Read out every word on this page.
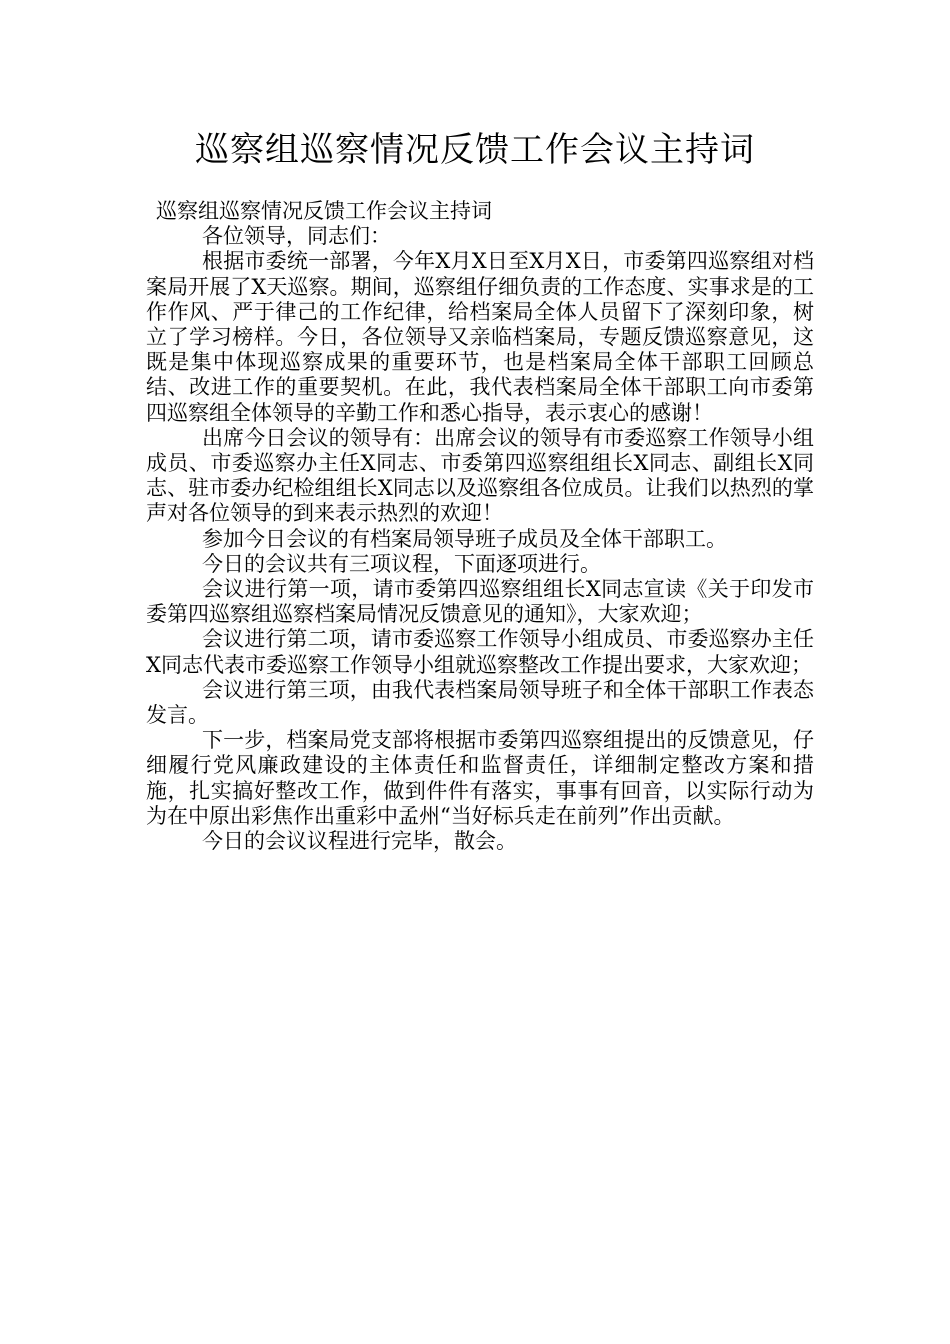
巡察组巡察情况反馈工作会议主持词

巡察组巡察情况反馈工作会议主持词

各位领导，同志们：

根据市委统一部署，今年X月X日至X月X日，市委第四巡察组对档案局开展了X天巡察。期间，巡察组仔细负责的工作态度、实事求是的工作作风、严于律己的工作纪律，给档案局全体人员留下了深刻印象，树立了学习榜样。今日，各位领导又亲临档案局，专题反馈巡察意见，这既是集中体现巡察成果的重要环节，也是档案局全体干部职工回顾总结、改进工作的重要契机。在此，我代表档案局全体干部职工向市委第四巡察组全体领导的辛勤工作和悉心指导，表示衷心的感谢！

出席今日会议的领导有：出席会议的领导有市委巡察工作领导小组成员、市委巡察办主任X同志、市委第四巡察组组长X同志、副组长X同志、驻市委办纪检组组长X同志以及巡察组各位成员。让我们以热烈的掌声对各位领导的到来表示热烈的欢迎！

参加今日会议的有档案局领导班子成员及全体干部职工。

今日的会议共有三项议程，下面逐项进行。

会议进行第一项，请市委第四巡察组组长X同志宣读《关于印发市委第四巡察组巡察档案局情况反馈意见的通知》，大家欢迎；

会议进行第二项，请市委巡察工作领导小组成员、市委巡察办主任X同志代表市委巡察工作领导小组就巡察整改工作提出要求，大家欢迎；

会议进行第三项，由我代表档案局领导班子和全体干部职工作表态发言。

下一步，档案局党支部将根据市委第四巡察组提出的反馈意见，仔细履行党风廉政建设的主体责任和监督责任，详细制定整改方案和措施，扎实搞好整改工作，做到件件有落实，事事有回音，以实际行动为为在中原出彩焦作出重彩中孟州“当好标兵走在前列”作出贡献。

今日的会议议程进行完毕，散会。
